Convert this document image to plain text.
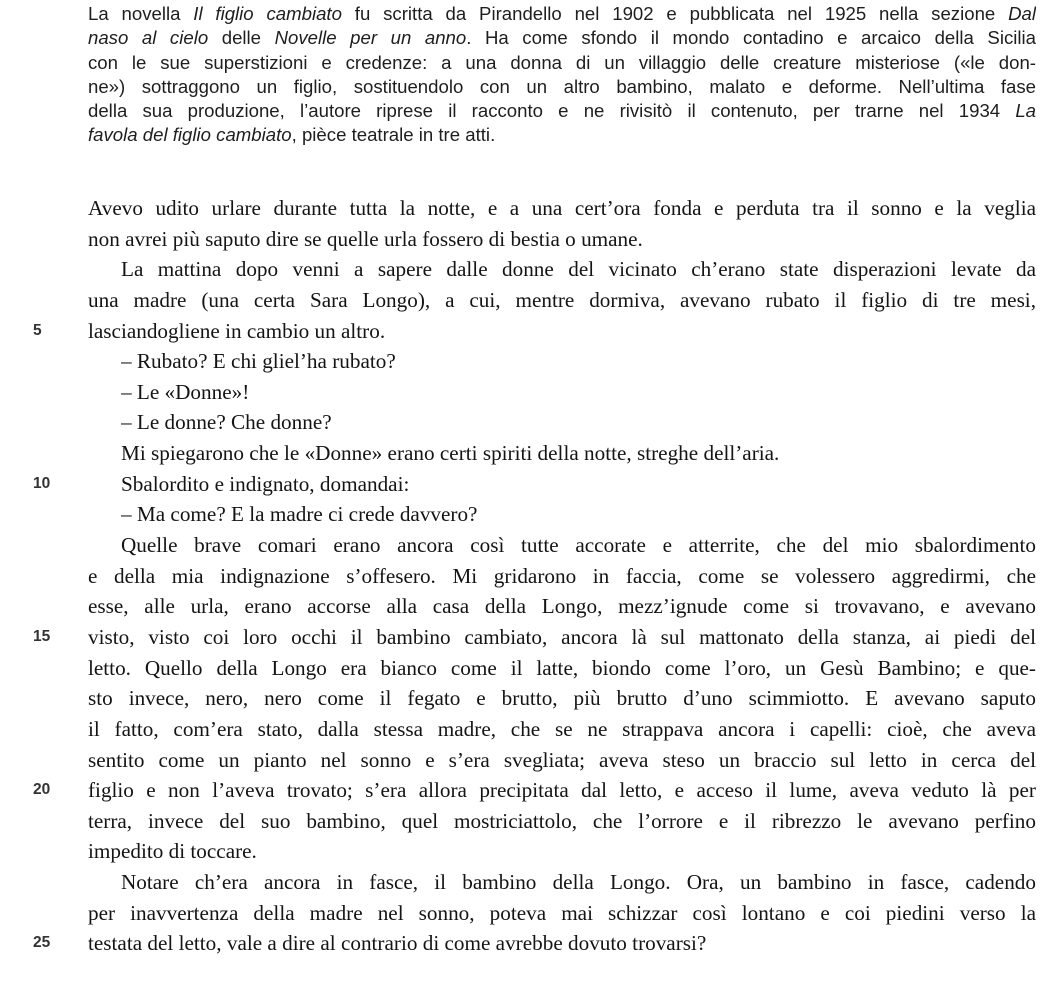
La novella Il figlio cambiato fu scritta da Pirandello nel 1902 e pubblicata nel 1925 nella sezione Dal
naso al cielo delle Novelle per un anno. Ha come sfondo il mondo contadino e arcaico della Sicilia
con le sue superstizioni e credenze: a una donna di un villaggio delle creature misteriose («le don-
ne») sottraggono un figlio, sostituendolo con un altro bambino, malato e deforme. Nell’ultima fase
della sua produzione, l’autore riprese il racconto e ne rivisitò il contenuto, per trarne nel 1934 La
favola del figlio cambiato, pièce teatrale in tre atti.
Avevo udito urlare durante tutta la notte, e a una cert’ora fonda e perduta tra il sonno e la veglia
non avrei più saputo dire se quelle urla fossero di bestia o umane.
La mattina dopo venni a sapere dalle donne del vicinato ch’erano state disperazioni levate da
una madre (una certa Sara Longo), a cui, mentre dormiva, avevano rubato il figlio di tre mesi,
5	lasciandogliene in cambio un altro.
– Rubato? E chi gliel’ha rubato?
– Le «Donne»!
– Le donne? Che donne?
Mi spiegarono che le «Donne» erano certi spiriti della notte, streghe dell’aria.
10	Sbalordito e indignato, domandai:
– Ma come? E la madre ci crede davvero?
Quelle brave comari erano ancora così tutte accorate e atterrite, che del mio sbalordimento
e della mia indignazione s’offesero. Mi gridarono in faccia, come se volessero aggredirmi, che
esse, alle urla, erano accorse alla casa della Longo, mezz’ignude come si trovavano, e avevano
15	visto, visto coi loro occhi il bambino cambiato, ancora là sul mattonato della stanza, ai piedi del
letto. Quello della Longo era bianco come il latte, biondo come l’oro, un Gesù Bambino; e que-
sto invece, nero, nero come il fegato e brutto, più brutto d’uno scimmiotto. E avevano saputo
il fatto, com’era stato, dalla stessa madre, che se ne strappava ancora i capelli: cioè, che aveva
sentito come un pianto nel sonno e s’era svegliata; aveva steso un braccio sul letto in cerca del
20	figlio e non l’aveva trovato; s’era allora precipitata dal letto, e acceso il lume, aveva veduto là per
terra, invece del suo bambino, quel mostriciattolo, che l’orrore e il ribrezzo le avevano perfino
impedito di toccare.
Notare ch’era ancora in fasce, il bambino della Longo. Ora, un bambino in fasce, cadendo
per inavvertenza della madre nel sonno, poteva mai schizzar così lontano e coi piedini verso la
25	testata del letto, vale a dire al contrario di come avrebbe dovuto trovarsi?
